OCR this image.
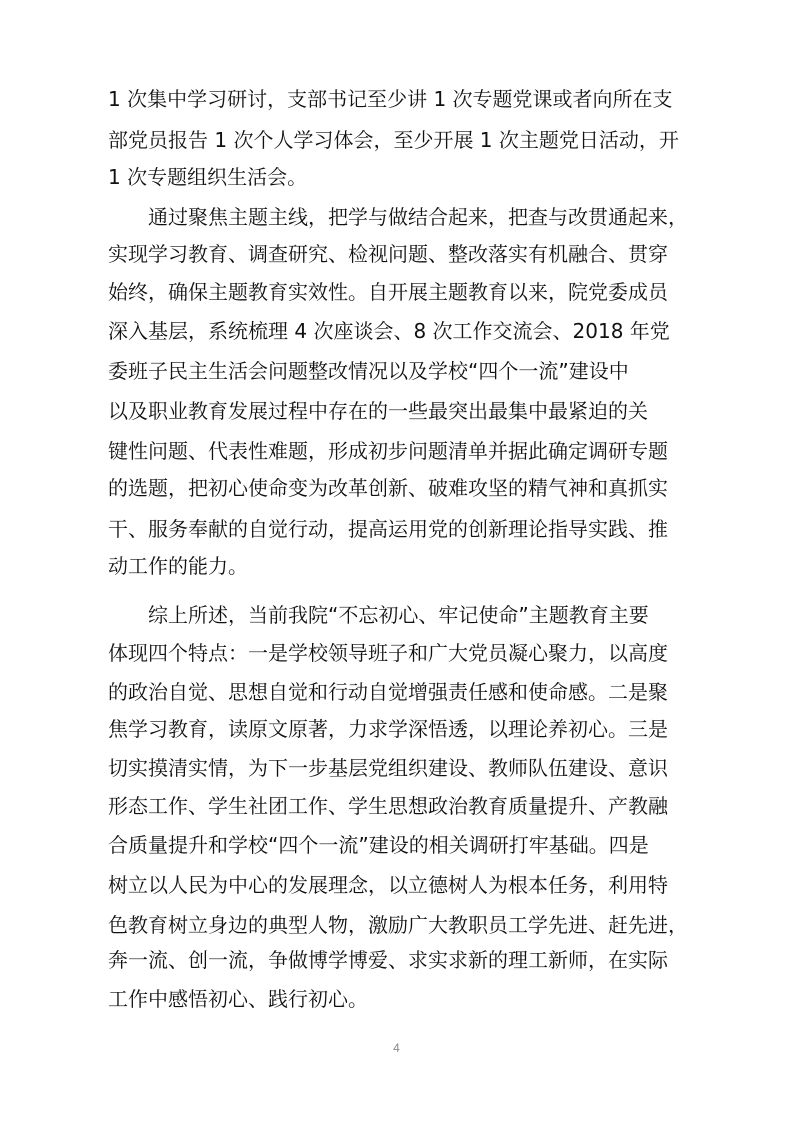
1 次集中学习研讨，支部书记至少讲 1 次专题党课或者向所在支
部党员报告 1 次个人学习体会，至少开展 1 次主题党日活动，开
1 次专题组织生活会。
　　通过聚焦主题主线，把学与做结合起来，把查与改贯通起来，
实现学习教育、调查研究、检视问题、整改落实有机融合、贯穿
始终，确保主题教育实效性。自开展主题教育以来，院党委成员
深入基层，系统梳理 4 次座谈会、8 次工作交流会、2018 年党
委班子民主生活会问题整改情况以及学校“四个一流”建设中
以及职业教育发展过程中存在的一些最突出最集中最紧迫的关
键性问题、代表性难题，形成初步问题清单并据此确定调研专题
的选题，把初心使命变为改革创新、破难攻坚的精气神和真抓实
干、服务奉献的自觉行动，提高运用党的创新理论指导实践、推
动工作的能力。
　　综上所述，当前我院“不忘初心、牢记使命”主题教育主要
体现四个特点：一是学校领导班子和广大党员凝心聚力，以高度
的政治自觉、思想自觉和行动自觉增强责任感和使命感。二是聚
焦学习教育，读原文原著，力求学深悟透，以理论养初心。三是
切实摸清实情，为下一步基层党组织建设、教师队伍建设、意识
形态工作、学生社团工作、学生思想政治教育质量提升、产教融
合质量提升和学校“四个一流”建设的相关调研打牢基础。四是
树立以人民为中心的发展理念，以立德树人为根本任务，利用特
色教育树立身边的典型人物，激励广大教职员工学先进、赶先进，
奔一流、创一流，争做博学博爱、求实求新的理工新师，在实际
工作中感悟初心、践行初心。
4
